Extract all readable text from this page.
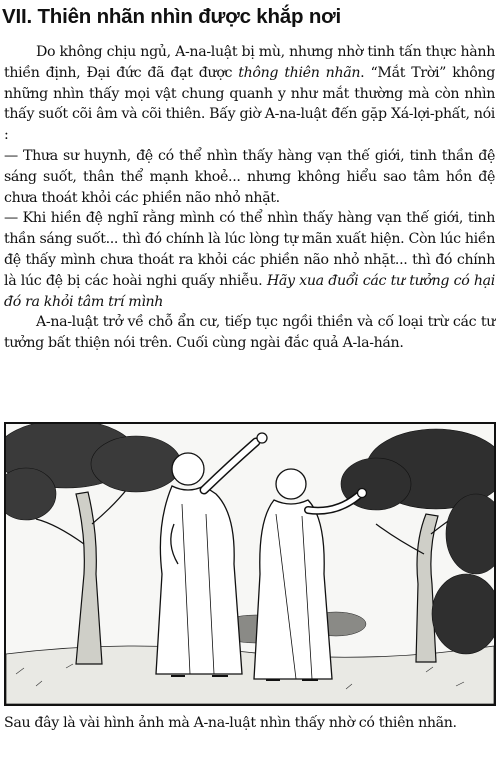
VII. Thiên nhãn nhìn được khắp nơi

Do không chịu ngủ, A-na-luật bị mù, nhưng nhờ tinh tấn thực hành thiền định, Đại đức đã đạt được thông thiên nhãn. “Mắt Trời” không những nhìn thấy mọi vật chung quanh y như mắt thường mà còn nhìn thấy suốt cõi âm và cõi thiên. Bấy giờ A-na-luật đến gặp Xá-lợi-phất, nói :

— Thưa sư huynh, đệ có thể nhìn thấy hàng vạn thế giới, tinh thần đệ sáng suốt, thân thể mạnh khoẻ... nhưng không hiểu sao tâm hồn đệ chưa thoát khỏi các phiền não nhỏ nhặt.

— Khi hiền đệ nghĩ rằng mình có thể nhìn thấy hàng vạn thế giới, tinh thần sáng suốt... thì đó chính là lúc lòng tự mãn xuất hiện. Còn lúc hiền đệ thấy mình chưa thoát ra khỏi các phiền não nhỏ nhặt... thì đó chính là lúc đệ bị các hoài nghi quấy nhiễu. Hãy xua đuổi các tư tưởng có hại đó ra khỏi tâm trí mình

A-na-luật trở về chỗ ẩn cư, tiếp tục ngồi thiền và cố loại trừ các tư tưởng bất thiện nói trên. Cuối cùng ngài đắc quả A-la-hán.

Sau đây là vài hình ảnh mà A-na-luật nhìn thấy nhờ có thiên nhãn.
